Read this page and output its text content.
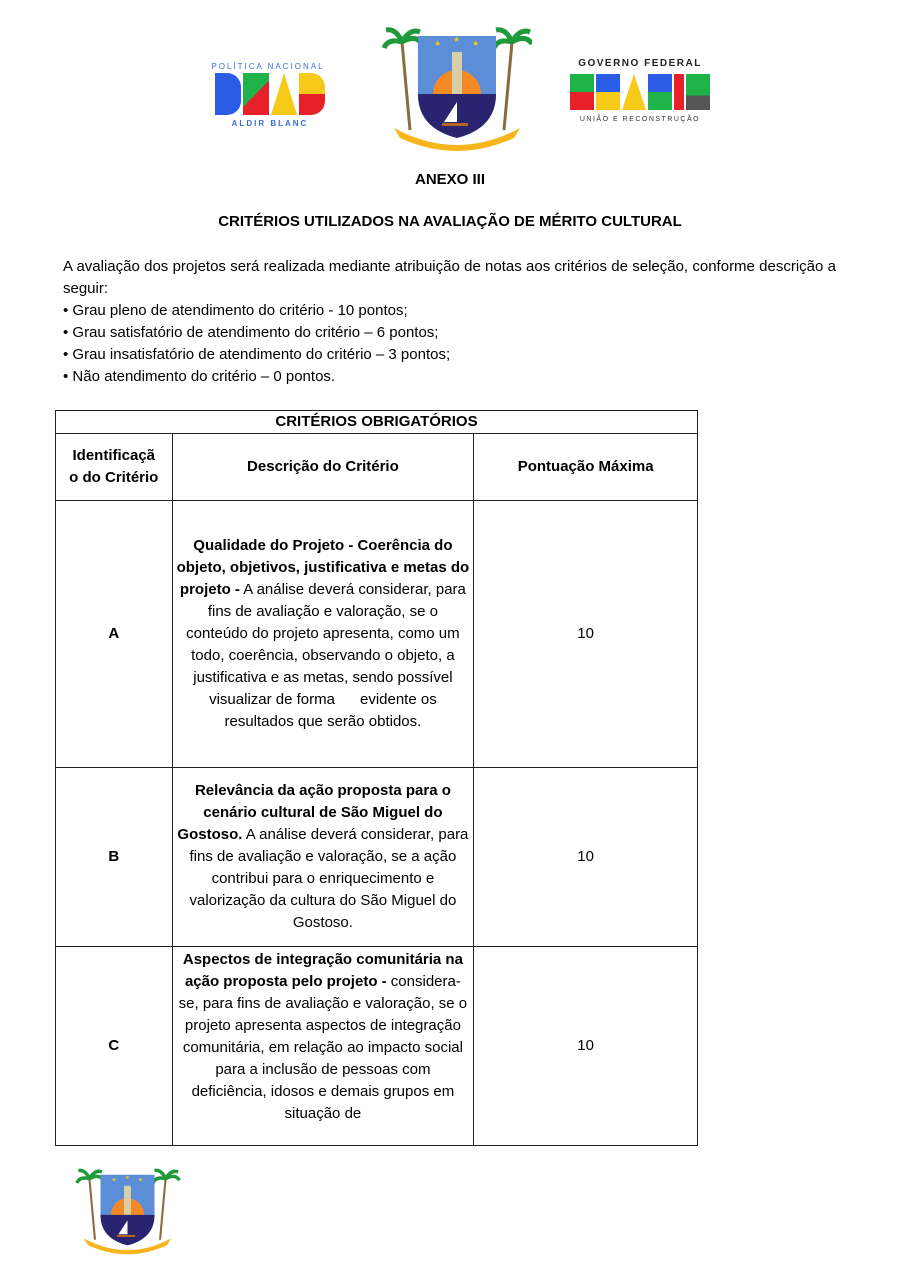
POLÍTICA NACIONAL
ALDIR BLANC
★ ★ ★
GOVERNO FEDERAL
UNIÃO E RECONSTRUÇÃO
ANEXO III
CRITÉRIOS UTILIZADOS NA AVALIAÇÃO DE MÉRITO CULTURAL
A avaliação dos projetos será realizada mediante atribuição de notas aos critérios de seleção, conforme descrição a seguir:
• Grau pleno de atendimento do critério - 10 pontos;
• Grau satisfatório de atendimento do critério – 6 pontos;
• Grau insatisfatório de atendimento do critério – 3 pontos;
• Não atendimento do critério – 0 pontos.
CRITÉRIOS OBRIGATÓRIOS		
Identificação do Critério	Descrição do Critério	Pontuação Máxima
A	Qualidade do Projeto - Coerência do objeto, objetivos, justificativa e metas do projeto - A análise deverá considerar, para fins de avaliação e valoração, se o conteúdo do projeto apresenta, como um todo, coerência, observando o objeto, a justificativa e as metas, sendo possível visualizar de forma      evidente os resultados que serão obtidos.	10
B	Relevância da ação proposta para o cenário cultural de São Miguel do Gostoso. A análise deverá considerar, para fins de avaliação e valoração, se a ação contribui para o enriquecimento e valorização da cultura do São Miguel do Gostoso.	10
C	Aspectos de integração comunitária na ação proposta pelo projeto - considera-se, para fins de avaliação e valoração, se o projeto apresenta aspectos de integração comunitária, em relação ao impacto social para a inclusão de pessoas com deficiência, idosos e demais grupos em situação de	10
★ ★ ★
